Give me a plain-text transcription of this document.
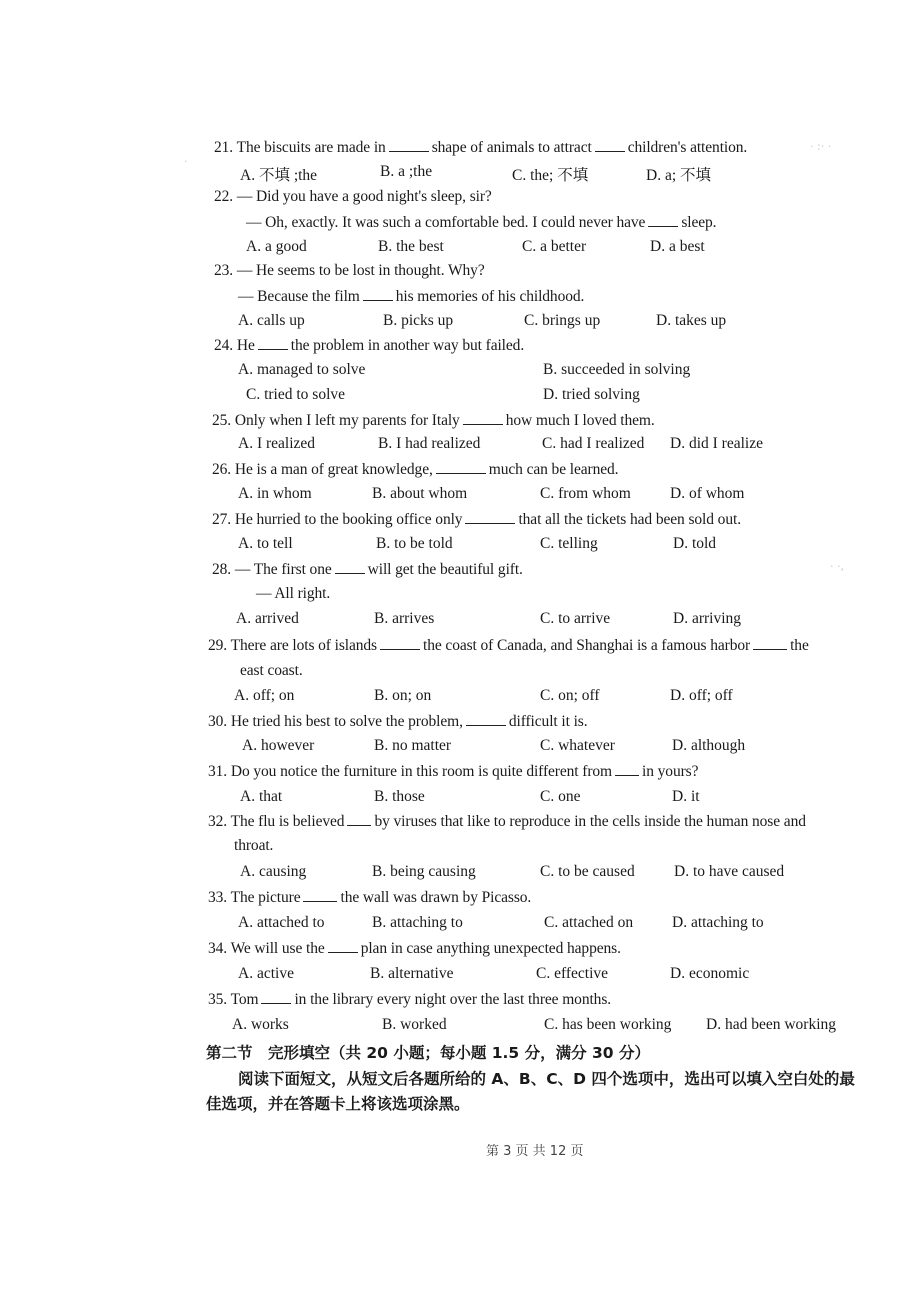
21. The biscuits are made in	shape of animals to attract children's attention.
A. 不填 ;the	B. a ;the	C. the; 不填	D. a; 不填
22. — Did you have a good night's sleep, sir?
— Oh, exactly. It was such a comfortable bed. I could never have sleep.
A. a good	B. the best	C. a better	D. a best
23. — He seems to be lost in thought. Why?
— Because the film his memories of his childhood.
A. calls up	B. picks up	C. brings up	D. takes up
24. He the problem in another way but failed.
A. managed to solve	B. succeeded in solving
C. tried to solve	D. tried solving
25. Only when I left my parents for Italy	how much I loved them.
A. I realized	B. I had realized	C. had I realized D. did I realize
26. He is a man of great knowledge,	much can be learned.
A. in whom	B. about whom	C. from whom	D. of whom
27. He hurried to the booking office only	that all the tickets had been sold out.
A. to tell	B. to be told	C. telling	D. told
28. — The first one will get the beautiful gift.
— All right.
A. arrived	B. arrives	C. to arrive	D. arriving
29. There are lots of islands	the coast of Canada, and Shanghai is a famous harbor	the
east coast.
A. off; on	B. on; on	C. on; off	D. off; off
30. He tried his best to solve the problem,	difficult it is.
A. however	B. no matter	C. whatever	D. although
31. Do you notice the furniture in this room is quite different from in yours?
A. that	B. those	C. one	D. it
32. The flu is believed by viruses that like to reproduce in the cells inside the human nose and
throat.
A. causing	B. being causing	C. to be caused	D. to have caused
33. The picture	the wall was drawn by Picasso.
A. attached to	B. attaching to	C. attached on	D. attaching to
34. We will use the plan in case anything unexpected happens.
A. active	B. alternative	C. effective	D. economic
35. Tom in the library every night over the last three months.
A. works	B. worked	C. has been working D. had been working
第二节　完形填空（共 20 小题；每小题 1.5 分，满分 30 分）
阅读下面短文，从短文后各题所给的 A、B、C、D 四个选项中，选出可以填入空白处的最
佳选项，并在答题卡上将该选项涂黑。
第 3 页 共 12 页
· :· ·
· ·,
·
